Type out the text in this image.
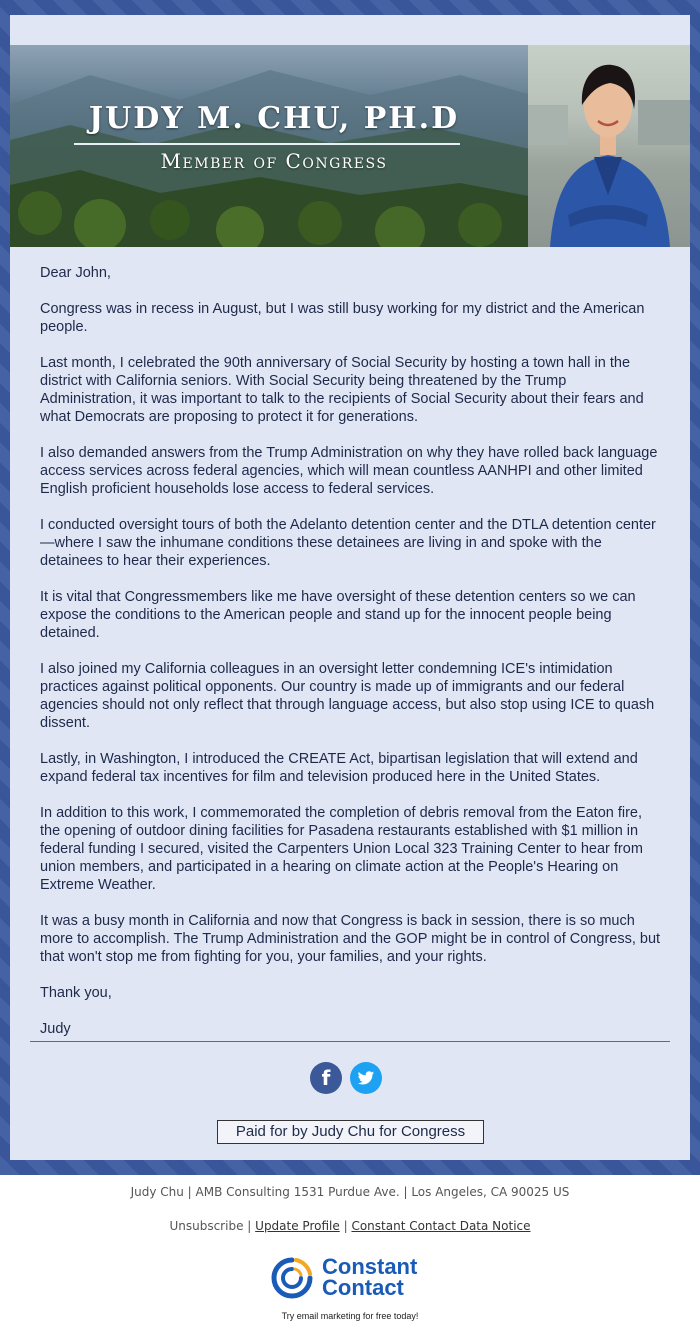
JUDY M. CHU, PH.D
Member of Congress

Dear John,

Congress was in recess in August, but I was still busy working for my district and the American people.

Last month, I celebrated the 90th anniversary of Social Security by hosting a town hall in the district with California seniors. With Social Security being threatened by the Trump Administration, it was important to talk to the recipients of Social Security about their fears and what Democrats are proposing to protect it for generations.

I also demanded answers from the Trump Administration on why they have rolled back language access services across federal agencies, which will mean countless AANHPI and other limited English proficient households lose access to federal services.

I conducted oversight tours of both the Adelanto detention center and the DTLA detention center—where I saw the inhumane conditions these detainees are living in and spoke with the detainees to hear their experiences.

It is vital that Congressmembers like me have oversight of these detention centers so we can expose the conditions to the American people and stand up for the innocent people being detained.

I also joined my California colleagues in an oversight letter condemning ICE's intimidation practices against political opponents. Our country is made up of immigrants and our federal agencies should not only reflect that through language access, but also stop using ICE to quash dissent.

Lastly, in Washington, I introduced the CREATE Act, bipartisan legislation that will extend and expand federal tax incentives for film and television produced here in the United States.

In addition to this work, I commemorated the completion of debris removal from the Eaton fire, the opening of outdoor dining facilities for Pasadena restaurants established with $1 million in federal funding I secured, visited the Carpenters Union Local 323 Training Center to hear from union members, and participated in a hearing on climate action at the People's Hearing on Extreme Weather.

It was a busy month in California and now that Congress is back in session, there is so much more to accomplish. The Trump Administration and the GOP might be in control of Congress, but that won't stop me from fighting for you, your families, and your rights.

Thank you,

Judy

f
Paid for by Judy Chu for Congress
Judy Chu | AMB Consulting 1531 Purdue Ave. | Los Angeles, CA 90025 US
Unsubscribe | Update Profile | Constant Contact Data Notice
Constant
Contact
Try email marketing for free today!
